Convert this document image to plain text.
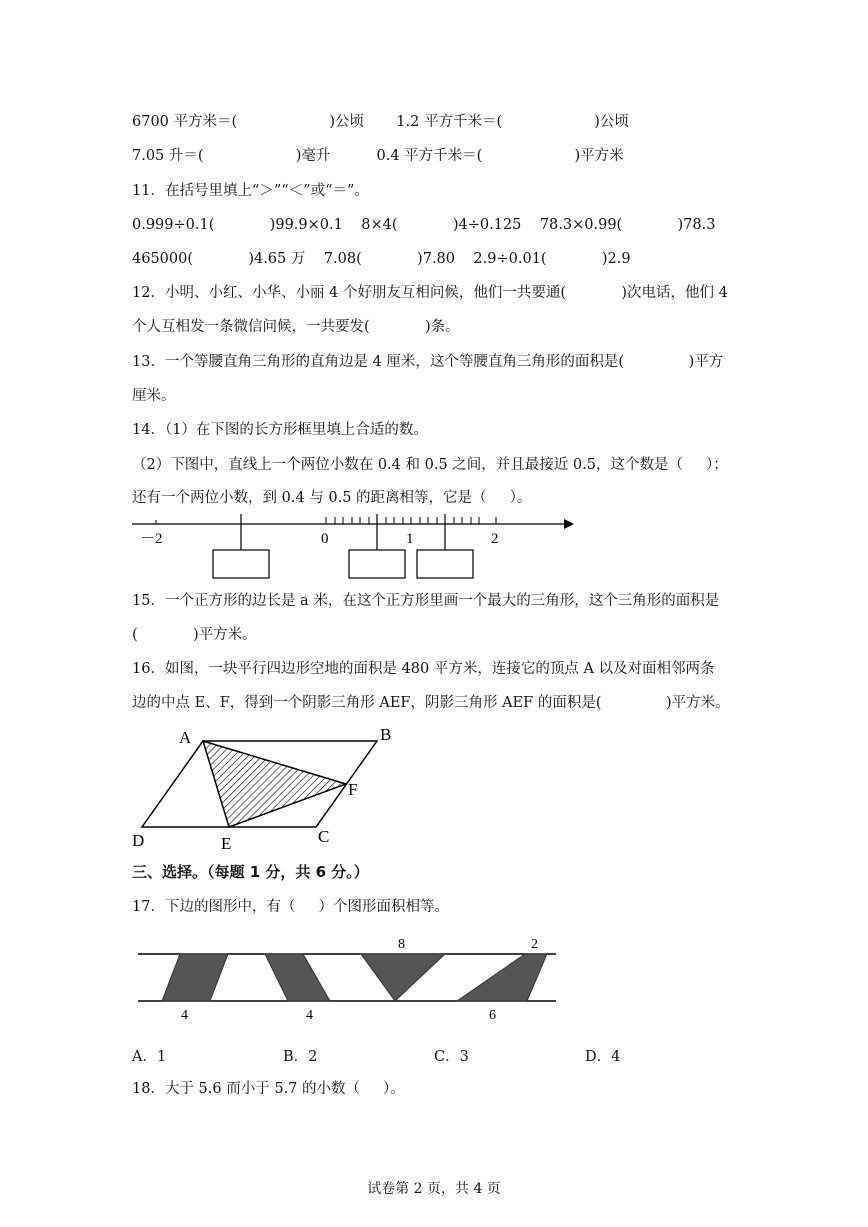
6700 平方米＝(                    )公顷       1.2 平方千米＝(                    )公顷
7.05 升＝(                    )毫升          0.4 平方千米＝(                    )平方米
11．在括号里填上“＞”“＜”或“＝”。
0.999÷0.1(            )99.9×0.1    8×4(            )4÷0.125    78.3×0.99(            )78.3
465000(            )4.65 万    7.08(            )7.80    2.9÷0.01(            )2.9
12．小明、小红、小华、小丽 4 个好朋友互相问候，他们一共要通(            )次电话，他们 4
个人互相发一条微信问候，一共要发(            )条。
13．一个等腰直角三角形的直角边是 4 厘米，这个等腰直角三角形的面积是(              )平方
厘米。
14．（1）在下图的长方形框里填上合适的数。
（2）下图中，直线上一个两位小数在 0.4 和 0.5 之间，并且最接近 0.5，这个数是（     ）；
还有一个两位小数，到 0.4 与 0.5 的距离相等，它是（     ）。
－2	0	1	2
15．一个正方形的边长是 a 米，在这个正方形里画一个最大的三角形，这个三角形的面积是
(            )平方米。
16．如图，一块平行四边形空地的面积是 480 平方米，连接它的顶点 A 以及对面相邻两条
边的中点 E、F，得到一个阴影三角形 AEF，阴影三角形 AEF 的面积是(              )平方米。
A	B
C
D	E
F
三、选择。（每题 1 分，共 6 分。）
17．下边的图形中，有（     ）个图形面积相等。
8	2
4	4	6
A．1	B．2	C．3	D．4
18．大于 5.6 而小于 5.7 的小数（     ）。
试卷第 2 页，共 4 页
